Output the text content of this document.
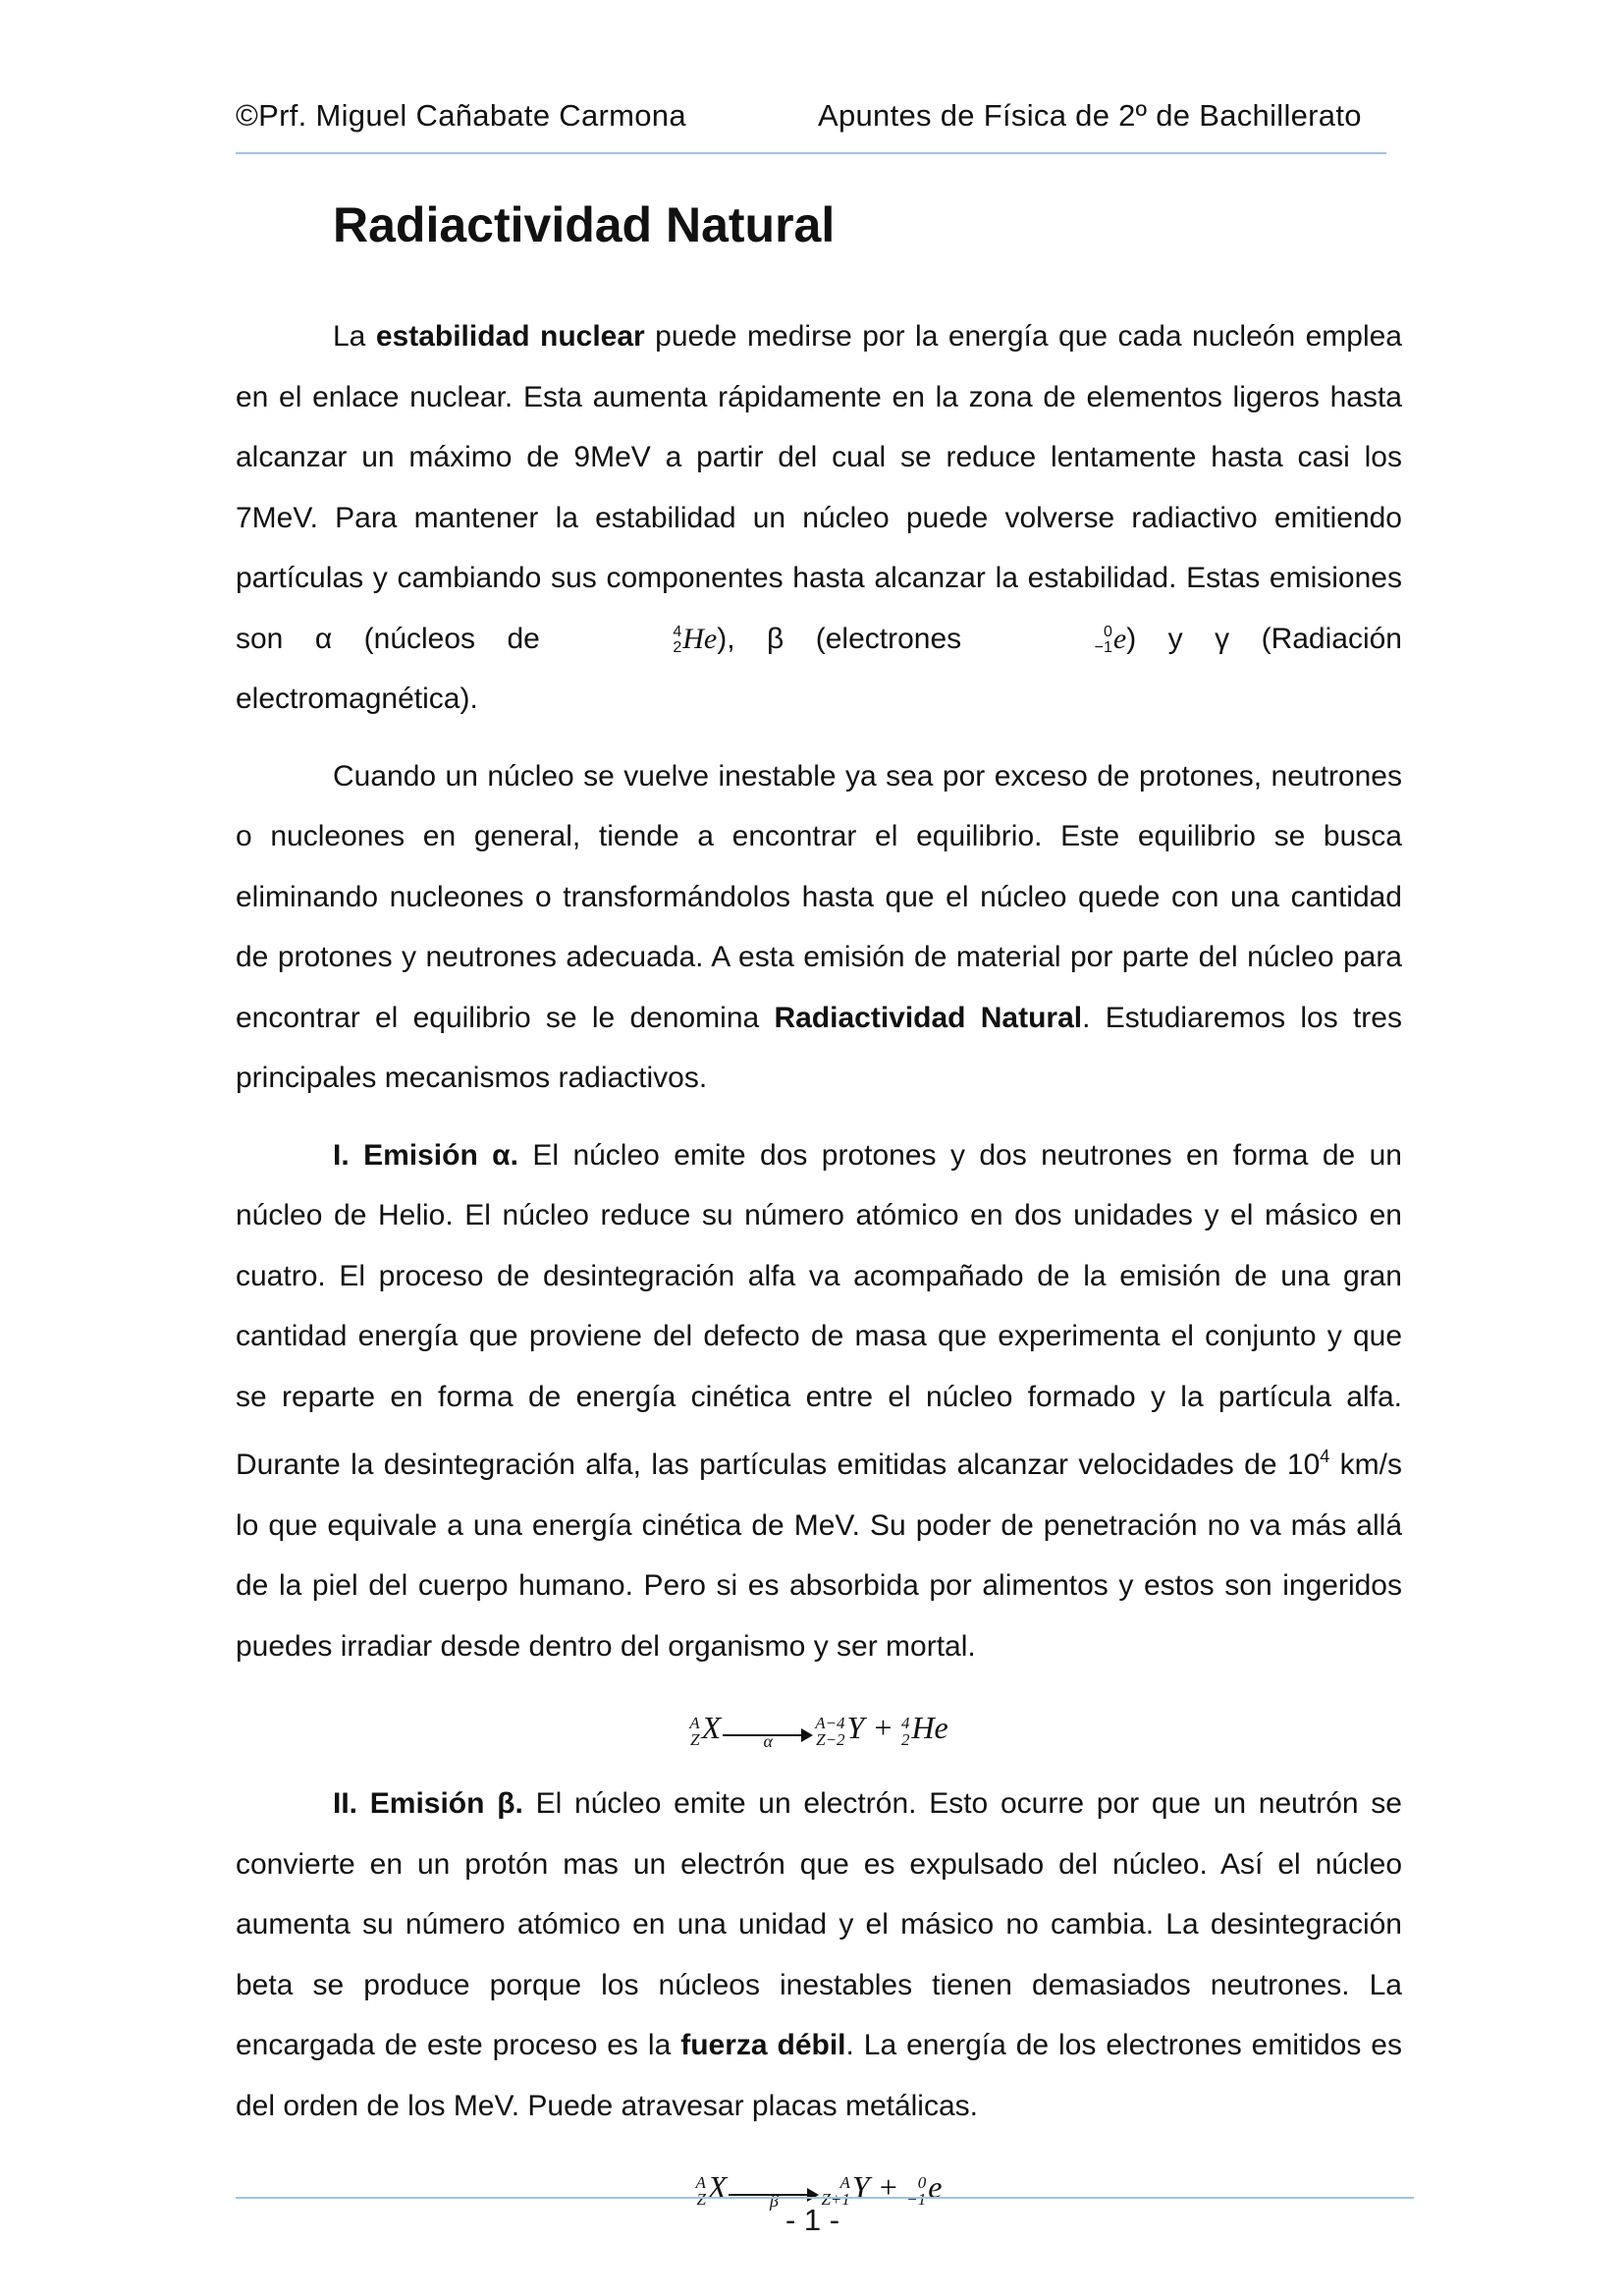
©Prf. Miguel Cañabate Carmona	Apuntes de Física de 2º de Bachillerato
Radiactividad Natural

La estabilidad nuclear puede medirse por la energía que cada nucleón emplea en el enlace nuclear. Esta aumenta rápidamente en la zona de elementos ligeros hasta alcanzar un máximo de 9MeV a partir del cual se reduce lentamente hasta casi los 7MeV. Para mantener la estabilidad un núcleo puede volverse radiactivo emitiendo partículas y cambiando sus componentes hasta alcanzar la estabilidad. Estas emisiones son α (núcleos de	4
2 He), β (electrones	0
−1 e) y γ (Radiación electromagnética).

Cuando un núcleo se vuelve inestable ya sea por exceso de protones, neutrones o nucleones en general, tiende a encontrar el equilibrio. Este equilibrio se busca eliminando nucleones o transformándolos hasta que el núcleo quede con una cantidad de protones y neutrones adecuada. A esta emisión de material por parte del núcleo para encontrar el equilibrio se le denomina Radiactividad Natural. Estudiaremos los tres principales mecanismos radiactivos.

I. Emisión α. El núcleo emite dos protones y dos neutrones en forma de un núcleo de Helio. El núcleo reduce su número atómico en dos unidades y el másico en cuatro. El proceso de desintegración alfa va acompañado de la emisión de una gran cantidad energía que proviene del defecto de masa que experimenta el conjunto y que se reparte en forma de energía cinética entre el núcleo formado y la partícula alfa. Durante la desintegración alfa, las partículas emitidas alcanzar velocidades de $10^4$ km/s lo que equivale a una energía cinética de MeV. Su poder de penetración no va más allá de la piel del cuerpo humano. Pero si es absorbida por alimentos y estos son ingeridos puedes irradiar desde dentro del organismo y ser mortal.

A
Z X	α
A−4
Z−2 Y + 4
2 He

II. Emisión β. El núcleo emite un electrón. Esto ocurre por que un neutrón se convierte en un protón mas un electrón que es expulsado del núcleo. Así el núcleo aumenta su número atómico en una unidad y el másico no cambia. La desintegración beta se produce porque los núcleos inestables tienen demasiados neutrones. La encargada de este proceso es la fuerza débil. La energía de los electrones emitidos es del orden de los MeV. Puede atravesar placas metálicas.

A
Z X	β
A
Z+1 Y +	0
−1 e

- 1 -
